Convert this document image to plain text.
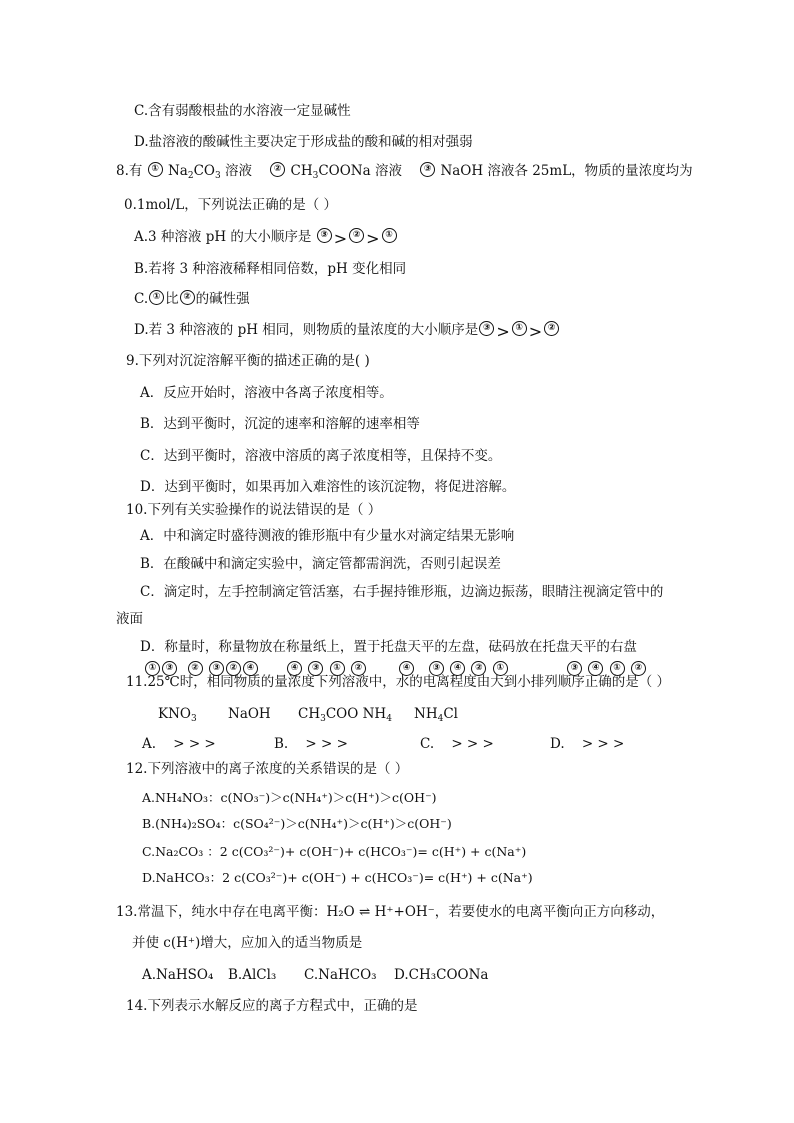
C.含有弱酸根盐的水溶液一定显碱性
D.盐溶液的酸碱性主要决定于形成盐的酸和碱的相对强弱
8.有 ① $Na_2CO_3$ 溶液 ② $CH_3COONa$ 溶液 ③ NaOH 溶液各 25mL，物质的量浓度均为
0.1mol/L，下列说法正确的是（ ）
A.3 种溶液 pH 的大小顺序是 ③ > ② > ①
B.若将 3 种溶液稀释相同倍数，pH 变化相同
C. ① 比 ② 的碱性强
D.若 3 种溶液的 pH 相同，则物质的量浓度的大小顺序是 ③ > ① > ②
9.下列对沉淀溶解平衡的描述正确的是( )
A．反应开始时，溶液中各离子浓度相等。
B．达到平衡时，沉淀的速率和溶解的速率相等
C．达到平衡时，溶液中溶质的离子浓度相等，且保持不变。
D．达到平衡时，如果再加入难溶性的该沉淀物，将促进溶解。
10.下列有关实验操作的说法错误的是（ ）
A．中和滴定时盛待测液的锥形瓶中有少量水对滴定结果无影响
B．在酸碱中和滴定实验中，滴定管都需润洗，否则引起误差
C．滴定时，左手控制滴定管活塞，右手握持锥形瓶，边滴边振荡，眼睛注视滴定管中的
液面
D．称量时，称量物放在称量纸上，置于托盘天平的左盘，砝码放在托盘天平的右盘
① ③ ② ③ ② ④	④ ③ ① ②	④ ③ ④ ② ①	③ ④ ① ②
11.25℃时，相同物质的量浓度下列溶液中，水的电离程度由大到小排列顺序正确的是（ ）
$KNO_3$ NaOH $CH_3COO$ $NH_4$ $NH_4Cl$
A. > > >	B. > > >	C. > > >	D. > > >
12.下列溶液中的离子浓度的关系错误的是（ ）
A.NH₄NO₃：c(NO₃⁻)＞c(NH₄⁺)＞c(H⁺)＞c(OH⁻)
B.(NH₄)₂SO₄：c(SO₄²⁻)＞c(NH₄⁺)＞c(H⁺)＞c(OH⁻)
C.Na₂CO₃ ：2 c(CO₃²⁻)+ c(OH⁻)+ c(HCO₃⁻)= c(H⁺) + c(Na⁺)
D.NaHCO₃：2 c(CO₃²⁻)+ c(OH⁻) + c(HCO₃⁻)= c(H⁺) + c(Na⁺)
13.常温下，纯水中存在电离平衡：H₂O ⇌ H⁺+OH⁻，若要使水的电离平衡向正方向移动，
并使 c(H⁺)增大，应加入的适当物质是
A.NaHSO₄ B.AlCl₃ C.NaHCO₃ D.CH₃COONa
14.下列表示水解反应的离子方程式中，正确的是
